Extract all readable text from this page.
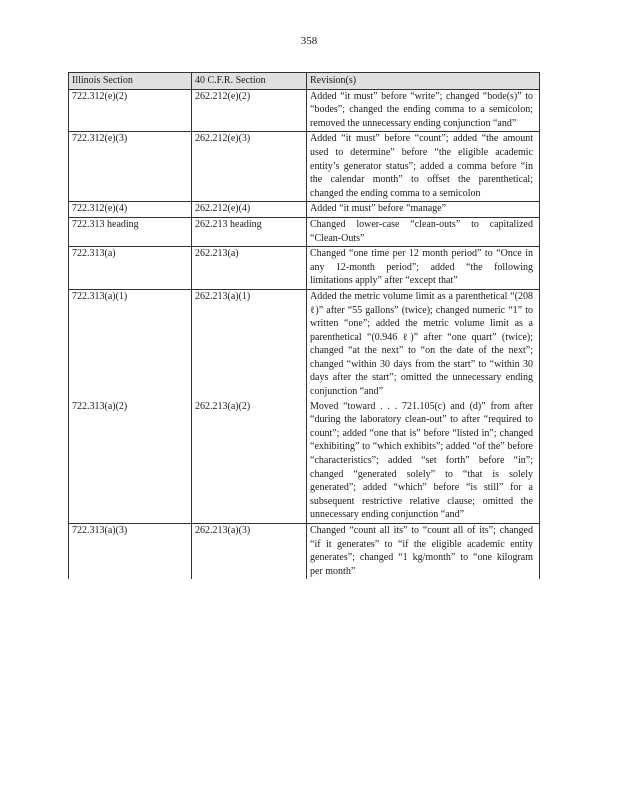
358
Illinois Section	40 C.F.R. Section	Revision(s)
722.312(e)(2)	262.212(e)(2)	Added “it must” before “write”; changed “bode(s)” to “bodes”; changed the ending comma to a semicolon; removed the unnecessary ending conjunction “and”
722.312(e)(3)	262.212(e)(3)	Added “it must” before “count”; added “the amount used to determine” before “the eligible academic entity’s generator status”; added a comma before “in the calendar month” to offset the parenthetical; changed the ending comma to a semicolon
722.312(e)(4)	262.212(e)(4)	Added “it must” before “manage”
722.313 heading	262.213 heading	Changed lower-case “clean-outs” to capitalized “Clean-Outs”
722.313(a)	262.213(a)	Changed “one time per 12 month period” to “Once in any 12-month period”; added “the following limitations apply” after “except that”
722.313(a)(1)	262.213(a)(1)	Added the metric volume limit as a parenthetical “(208 ℓ)” after “55 gallons” (twice); changed numeric “1” to written “one”; added the metric volume limit as a parenthetical “(0.946 ℓ)” after “one quart” (twice); changed “at the next” to “on the date of the next”; changed “within 30 days from the start” to “within 30 days after the start”; omitted the unnecessary ending conjunction “and”
722.313(a)(2)	262.213(a)(2)	Moved “toward . . . 721.105(c) and (d)” from after “during the laboratory clean-out” to after “required to count”; added “one that is” before “listed in”; changed “exhibiting” to “which exhibits”; added “of the” before “characteristics”; added “set forth” before “in”; changed “generated solely” to “that is solely generated”; added “which” before “is still” for a subsequent restrictive relative clause; omitted the unnecessary ending conjunction “and”
722.313(a)(3)	262.213(a)(3)	Changed “count all its” to “count all of its”; changed “if it generates” to “if the eligible academic entity generates”; changed “1 kg/month” to “one kilogram per month”
